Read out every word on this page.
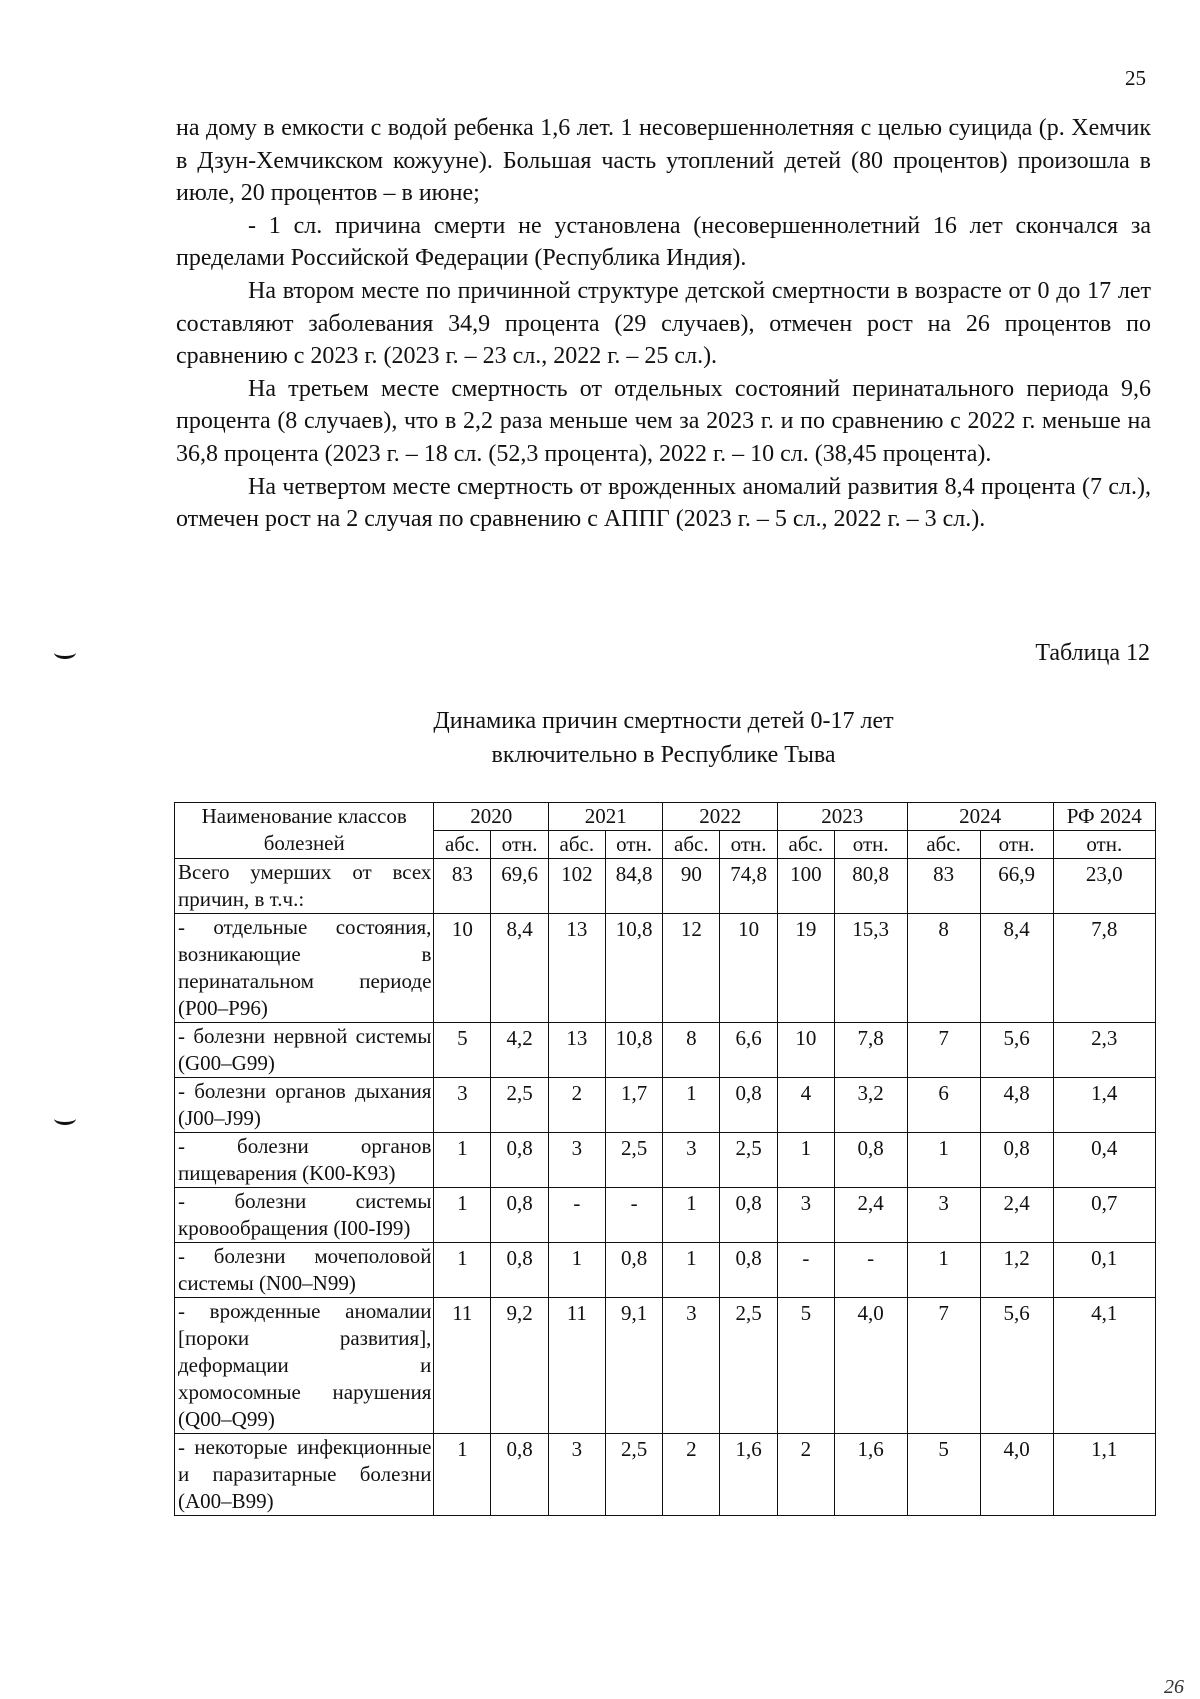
25

на дому в емкости с водой ребенка 1,6 лет. 1 несовершеннолетняя с целью суицида (р. Хемчик в Дзун-Хемчикском кожууне). Большая часть утоплений детей (80 процентов) произошла в июле, 20 процентов – в июне;

- 1 сл. причина смерти не установлена (несовершеннолетний 16 лет скончался за пределами Российской Федерации (Республика Индия).

На втором месте по причинной структуре детской смертности в возрасте от 0 до 17 лет составляют заболевания 34,9 процента (29 случаев), отмечен рост на 26 процентов по сравнению с 2023 г. (2023 г. – 23 сл., 2022 г. – 25 сл.).

На третьем месте смертность от отдельных состояний перинатального периода 9,6 процента (8 случаев), что в 2,2 раза меньше чем за 2023 г. и по сравнению с 2022 г. меньше на 36,8 процента (2023 г. – 18 сл. (52,3 процента), 2022 г. – 10 сл. (38,45 процента).

На четвертом месте смертность от врожденных аномалий развития 8,4 процента (7 сл.), отмечен рост на 2 случая по сравнению с АППГ (2023 г. – 5 сл., 2022 г. – 3 сл.).

Таблица 12
Динамика причин смертности детей 0-17 лет
включительно в Республике Тыва
Наименование классов болезней	2020		2021		2022		2023		2024		РФ 2024
	абс.	отн.	абс.	отн.	абс.	отн.	абс.	отн.	абс.	отн.	отн.
Всего умерших от всех причин, в т.ч.:	83	69,6	102	84,8	90	74,8	100	80,8	83	66,9	23,0
- отдельные состояния, возникающие в перинатальном периоде (P00–P96)	10	8,4	13	10,8	12	10	19	15,3	8	8,4	7,8
- болезни нервной системы (G00–G99)	5	4,2	13	10,8	8	6,6	10	7,8	7	5,6	2,3
- болезни органов дыхания (J00–J99)	3	2,5	2	1,7	1	0,8	4	3,2	6	4,8	1,4
- болезни органов пищеварения (K00-K93)	1	0,8	3	2,5	3	2,5	1	0,8	1	0,8	0,4
- болезни системы кровообращения (I00-I99)	1	0,8	-	-	1	0,8	3	2,4	3	2,4	0,7
- болезни мочеполовой системы (N00–N99)	1	0,8	1	0,8	1	0,8	-	-	1	1,2	0,1
- врожденные аномалии [пороки развития], деформации и хромосомные нарушения (Q00–Q99)	11	9,2	11	9,1	3	2,5	5	4,0	7	5,6	4,1
- некоторые инфекционные и паразитарные болезни (A00–B99)	1	0,8	3	2,5	2	1,6	2	1,6	5	4,0	1,1
26
